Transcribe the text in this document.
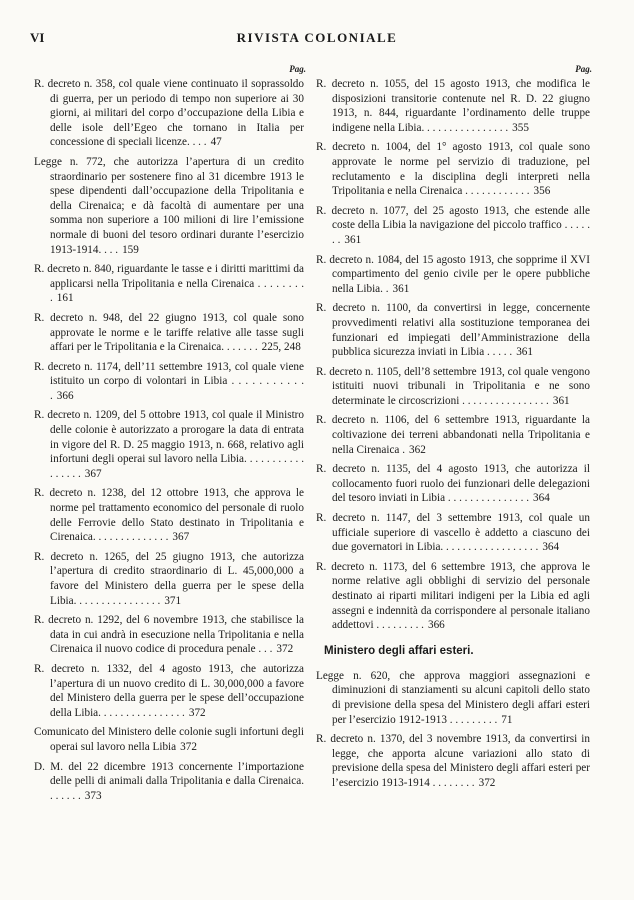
VI	RIVISTA COLONIALE
Pag.
R. decreto n. 358, col quale viene continuato il soprassoldo di guerra, per un periodo di tempo non superiore ai 30 giorni, ai militari del corpo d’occupazione della Libia e delle isole dell’Egeo che tornano in Italia per concessione di speciali licenze. . . . 47
Legge n. 772, che autorizza l’apertura di un credito straordinario per sostenere fino al 31 dicembre 1913 le spese dipendenti dall’occupazione della Tripolitania e della Cirenaica; e dà facoltà di aumentare per una somma non superiore a 100 milioni di lire l’emissione normale di buoni del tesoro ordinari durante l’esercizio 1913-1914. . . . 159
R. decreto n. 840, riguardante le tasse e i diritti marittimi da applicarsi nella Tripolitania e nella Cirenaica . . . . . . . . . 161
R. decreto n. 948, del 22 giugno 1913, col quale sono approvate le norme e le tariffe relative alle tasse sugli affari per le Tripolitania e la Cirenaica. . . . . . . 225, 248
R. decreto n. 1174, dell’11 settembre 1913, col quale viene istituito un corpo di volontari in Libia . . . . . . . . . . . . 366
R. decreto n. 1209, del 5 ottobre 1913, col quale il Ministro delle colonie è autorizzato a prorogare la data di entrata in vigore del R. D. 25 maggio 1913, n. 668, relativo agli infortuni degli operai sul lavoro nella Libia. . . . . . . . . . . . . . . . . 367
R. decreto n. 1238, del 12 ottobre 1913, che approva le norme pel trattamento economico del personale di ruolo delle Ferrovie dello Stato destinato in Tripolitania e Cirenaica. . . . . . . . . . . . . . 367
R. decreto n. 1265, del 25 giugno 1913, che autorizza l’apertura di credito straordinario di L. 45,000,000 a favore del Ministero della guerra per le spese della Libia. . . . . . . . . . . . . . . . 371
R. decreto n. 1292, del 6 novembre 1913, che stabilisce la data in cui andrà in esecuzione nella Tripolitania e nella Cirenaica il nuovo codice di procedura penale . . . 372
R. decreto n. 1332, del 4 agosto 1913, che autorizza l’apertura di un nuovo credito di L. 30,000,000 a favore del Ministero della guerra per le spese dell’occupazione della Libia. . . . . . . . . . . . . . . . 372
Comunicato del Ministero delle colonie sugli infortuni degli operai sul lavoro nella Libia 372
D. M. del 22 dicembre 1913 concernente l’importazione delle pelli di animali dalla Tripolitania e dalla Cirenaica. . . . . . . 373
Pag.
R. decreto n. 1055, del 15 agosto 1913, che modifica le disposizioni transitorie contenute nel R. D. 22 giugno 1913, n. 844, riguardante l’ordinamento delle truppe indigene nella Libia. . . . . . . . . . . . . . . . 355
R. decreto n. 1004, del 1° agosto 1913, col quale sono approvate le norme pel servizio di traduzione, pel reclutamento e la disciplina degli interpreti nella Tripolitania e nella Cirenaica . . . . . . . . . . . . 356
R. decreto n. 1077, del 25 agosto 1913, che estende alle coste della Libia la navigazione del piccolo traffico . . . . . . . 361
R. decreto n. 1084, del 15 agosto 1913, che sopprime il XVI compartimento del genio civile per le opere pubbliche nella Libia. . 361
R. decreto n. 1100, da convertirsi in legge, concernente provvedimenti relativi alla sostituzione temporanea dei funzionari ed impiegati dell’Amministrazione della pubblica sicurezza inviati in Libia . . . . . 361
R. decreto n. 1105, dell’8 settembre 1913, col quale vengono istituiti nuovi tribunali in Tripolitania e ne sono determinate le circoscrizioni . . . . . . . . . . . . . . . . 361
R. decreto n. 1106, del 6 settembre 1913, riguardante la coltivazione dei terreni abbandonati nella Tripolitania e nella Cirenaica . 362
R. decreto n. 1135, del 4 agosto 1913, che autorizza il collocamento fuori ruolo dei funzionari delle delegazioni del tesoro inviati in Libia . . . . . . . . . . . . . . . 364
R. decreto n. 1147, del 3 settembre 1913, col quale un ufficiale superiore di vascello è addetto a ciascuno dei due governatori in Libia. . . . . . . . . . . . . . . . . . 364
R. decreto n. 1173, del 6 settembre 1913, che approva le norme relative agli obblighi di servizio del personale destinato ai riparti militari indigeni per la Libia ed agli assegni e indennità da corrispondere al personale italiano addettovi . . . . . . . . . 366
Ministero degli affari esteri.
Legge n. 620, che approva maggiori assegnazioni e diminuzioni di stanziamenti su alcuni capitoli dello stato di previsione della spesa del Ministero degli affari esteri per l’esercizio 1912-1913 . . . . . . . . . 71
R. decreto n. 1370, del 3 novembre 1913, da convertirsi in legge, che apporta alcune variazioni allo stato di previsione della spesa del Ministero degli affari esteri per l’esercizio 1913-1914 . . . . . . . . 372
